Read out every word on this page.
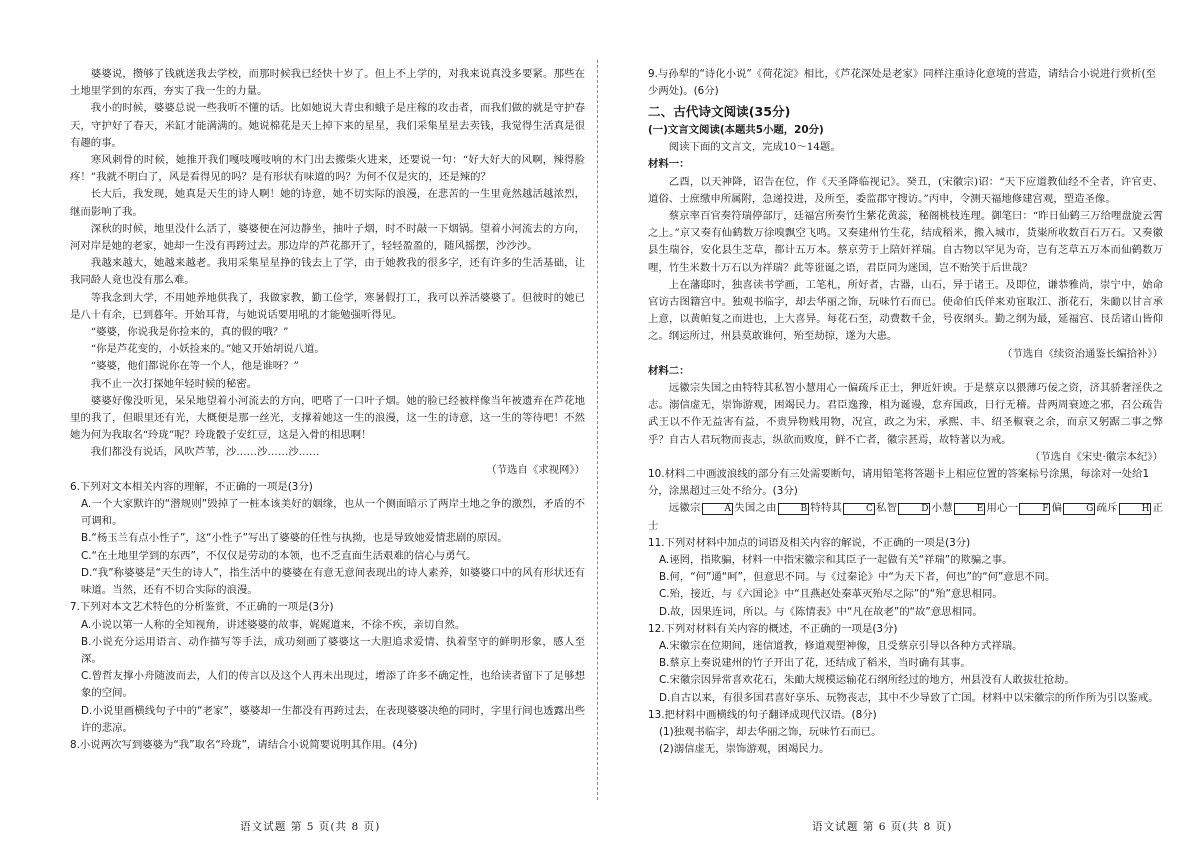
婆婆说，攒够了钱就送我去学校，而那时候我已经快十岁了。但上不上学的，对我来说真没多要紧。那些在土地里学到的东西，夯实了我一生的力量。

我小的时候，婆婆总说一些我听不懂的话。比如她说大青虫和蛾子是庄稼的攻击者，而我们做的就是守护春天，守护好了春天，米缸才能满满的。她说棉花是天上掉下来的星星，我们采集星星去卖钱，我觉得生活真是很有趣的事。

寒风刺骨的时候，她推开我们嘎吱嘎吱响的木门出去搬柴火进来，还要说一句：“好大好大的风啊，辣得脸疼！”我就不明白了，风是看得见的吗？是有形状有味道的吗？为何不仅是灾的，还是辣的？

长大后，我发现，她真是天生的诗人啊！她的诗意，她不切实际的浪漫，在悲苦的一生里竟然越活越浓烈，继而影响了我。

深秋的时候，地里没什么活了，婆婆便在河边静坐，抽叶子烟，时不时敲一下烟锅。望着小河流去的方向，河对岸是她的老家，她却一生没有再跨过去。那边岸的芦花都开了，轻轻盈盈的，随风摇摆，沙沙沙。

我越来越大，她越来越老。我用采集星星挣的钱去上了学，由于她教我的很多字，还有许多的生活基础，让我同龄人竟也没有那么难。

等我念到大学，不用她养地供我了，我做家教，勤工俭学，寒暑假打工，我可以养活婆婆了。但彼时的她已是八十有余，已到暮年。开始耳背，与她说话要用吼的才能勉强听得见。

“婆婆，你说我是你捡来的，真的假的哦？”

“你是芦花变的，小妖捡来的。”她又开始胡说八道。

“婆婆，他们都说你在等一个人，他是谁呀？”

我不止一次打探她年轻时候的秘密。

婆婆好像没听见，呆呆地望着小河流去的方向，吧嗒了一口叶子烟。她的脸已经被样像当年被遗弃在芦花地里的我了，但眼里还有光，大概便是那一丝光，支撑着她这一生的浪漫，这一生的诗意，这一生的等待吧！不然她为何为我取名“玲珑”呢？玲珑骰子安红豆，这是入骨的相思啊！

我们都没有说话，风吹芦苇，沙……沙……沙……

（节选自《求视网》）

6.下列对文本相关内容的理解，不正确的一项是(3分)

A.一个大家默许的“潜规则”毁掉了一桩本该美好的姻缘，也从一个侧面暗示了两岸土地之争的激烈，矛盾的不可调和。

B.“杨玉兰有点小性子”，这“小性子”写出了婆婆的任性与执拗，也是导致她爱情悲剧的原因。

C.“在土地里学到的东西”，不仅仅是劳动的本领，也不乏直面生活艰难的信心与勇气。

D.“我”称婆婆是“天生的诗人”，指生活中的婆婆在有意无意间表现出的诗人素养，如婆婆口中的风有形状还有味道。当然，还有不切合实际的浪漫。

7.下列对本文艺术特色的分析鉴赏，不正确的一项是(3分)

A.小说以第一人称的全知视角，讲述婆婆的故事，娓娓道来，不徐不疾，亲切自然。

B.小说充分运用语言、动作描写等手法，成功刻画了婆婆这一大胆追求爱情、执着坚守的鲜明形象，感人至深。

C.曾哲友撑小舟随波而去，人们的传言以及这个人再未出现过，增添了许多不确定性，也给读者留下了足够想象的空间。

D.小说里画横线句子中的“老家”，婆婆却一生都没有再跨过去，在表现婆婆决绝的同时，字里行间也透露出些许的悲凉。

8.小说两次写到婆婆为“我”取名“玲珑”，请结合小说简要说明其作用。(4分)

9.与孙犁的“诗化小说”《荷花淀》相比，《芦花深处是老家》同样注重诗化意境的营造，请结合小说进行赏析(至少两处)。(6分)

二、古代诗文阅读(35分)

(一)文言文阅读(本题共5小题，20分)

阅读下面的文言文，完成10～14题。

材料一：

乙酉，以天神降，诏告在位，作《天圣降临视记》。癸丑，(宋徽宗)诏：“天下应道教仙经不全者，许官吏、道俗、士庶缴申所属附，急递投进，及所至，委监郡守搜访。”丙申，令测天福地修建宫观，塑造圣像。

蔡京率百官奏符瑞停部厅，廷福宫所奏竹生紫花黄蕊，秘阁桃枝连理。御笔曰：“昨日仙鹤三万给哩盘旋云霄之上。”京又奏有仙鹤数万徐嗅飘空飞鸣。又奏建州竹生花，结成稻米，搬入城市，货粜所收数百石万石。又奏徽县生瑞谷，安化县生芝草，都计五万本。蔡京劳于上陪奸祥瑞。自古物以罕见为奇，岂有芝草五万本而仙鹤数万哩，竹生米数十万石以为祥瑞？此等诳诞之语，君臣同为迷国，岂不贻笑于后世哉？

上在藩邸时，独喜读书学画，工笔札，所好者，古器，山石，异于诸王。及即位，谦恭雅尚，崇宁中，始命官访古图籍宫中。独观书临字，却去华丽之饰，玩味竹石而已。使命伯氏佯来劝宦取江、浙花石，朱勔以甘言承上意，以黄帕复之而进也，上大喜异。每花石至，动费数千金，号夜纲头。勤之纲为最，延福宫、艮岳诸山皆仰之。纲运所过，州县莫敢谁何，殆至劫掠，遂为大患。

（节选自《续资治通鉴长编拾补》）

材料二：

远徽宗失国之由特特其私智小慧用心一偏疏斥正士，狎近奸谀。于是蔡京以猥薄巧佞之资，济其骄奢淫佚之志。溺信虚无，崇饰游观，困竭民力。君臣逸豫，相为诞谩，怠弃国政，日行无稽。昔两周衰迹之邪，召公疏告武王以不作无益害有益，不贵异物贱用物，况宣，政之为宋，承熙、丰、绍圣椒衰之余，而京又躬踞二事之弊乎？自古人君玩物而丧志，纵欲而败度，鲜不亡者，徽宗甚焉，故特著以为戒。

（节选自《宋史·徽宗本纪》）

10.材料二中画波浪线的部分有三处需要断句，请用铅笔将答题卡上相应位置的答案标号涂黑，每涂对一处给1分，涂黑超过三处不给分。(3分)

远徽宗	A 失国之由	B 特特其	C 私智	D 小慧	E 用心一	F 偏	G 疏斥	H 正士

11.下列对材料中加点的词语及相关内容的解说，不正确的一项是(3分)

A.诬罔，指欺骗，材料一中指宋徽宗和其臣子一起做有关“祥瑞”的欺骗之事。

B.何，“何”通“呵”，但意思不同。与《过秦论》中“为天下者，何也”的“何”意思不同。

C.殆，接近，与《六国论》中“且燕赵处秦革灭殆尽之际”的“殆”意思相同。

D.故，因果连词，所以。与《陈情表》中“凡在故老”的“故”意思相同。

12.下列对材料有关内容的概述，不正确的一项是(3分)

A.宋徽宗在位期间，迷信道教，修道观塑神像，且受蔡京引导以各种方式祥瑞。

B.蔡京上奏说建州的竹子开出了花，还结成了稻米，当时确有其事。

C.宋徽宗因异常喜欢花石，朱勔大规模运输花石纲所经过的地方，州县没有人敢拔壮抢劫。

D.自古以来，有很多国君喜好享乐、玩物丧志，其中不少导致了亡国。材料中以宋徽宗的所作所为引以鉴戒。

13.把材料中画横线的句子翻译成现代汉语。(8分)

(1)独观书临字，却去华丽之饰，玩味竹石而已。

(2)溺信虚无，崇饰游观，困竭民力。

语文试题 第 5 页(共 8 页)	语文试题 第 6 页(共 8 页)
